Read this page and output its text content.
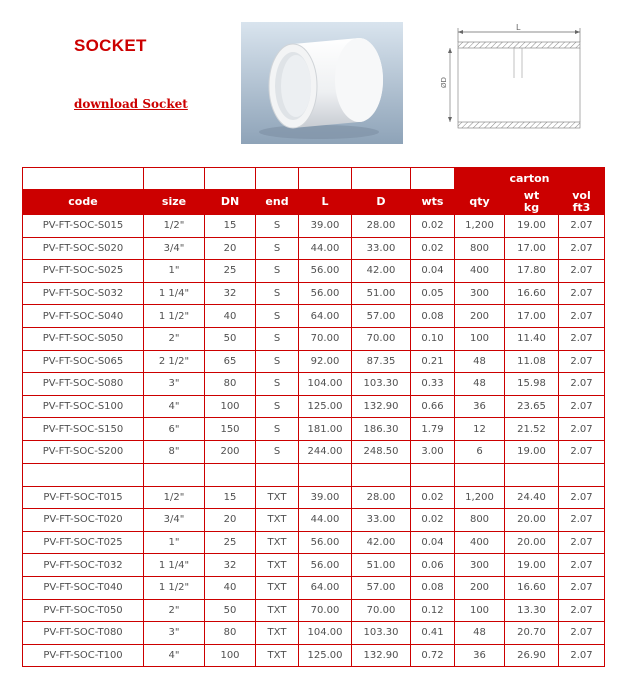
SOCKET
download Socket
L
ØD
							carton		
code	size	DN	end	L	D	wts	qty	wt kg	vol ft3
PV-FT-SOC-S015	1/2"	15	S	39.00	28.00	0.02	1,200	19.00	2.07
PV-FT-SOC-S020	3/4"	20	S	44.00	33.00	0.02	800	17.00	2.07
PV-FT-SOC-S025	1"	25	S	56.00	42.00	0.04	400	17.80	2.07
PV-FT-SOC-S032	1 1/4"	32	S	56.00	51.00	0.05	300	16.60	2.07
PV-FT-SOC-S040	1 1/2"	40	S	64.00	57.00	0.08	200	17.00	2.07
PV-FT-SOC-S050	2"	50	S	70.00	70.00	0.10	100	11.40	2.07
PV-FT-SOC-S065	2 1/2"	65	S	92.00	87.35	0.21	48	11.08	2.07
PV-FT-SOC-S080	3"	80	S	104.00	103.30	0.33	48	15.98	2.07
PV-FT-SOC-S100	4"	100	S	125.00	132.90	0.66	36	23.65	2.07
PV-FT-SOC-S150	6"	150	S	181.00	186.30	1.79	12	21.52	2.07
PV-FT-SOC-S200	8"	200	S	244.00	248.50	3.00	6	19.00	2.07

PV-FT-SOC-T015	1/2"	15	TXT	39.00	28.00	0.02	1,200	24.40	2.07
PV-FT-SOC-T020	3/4"	20	TXT	44.00	33.00	0.02	800	20.00	2.07
PV-FT-SOC-T025	1"	25	TXT	56.00	42.00	0.04	400	20.00	2.07
PV-FT-SOC-T032	1 1/4"	32	TXT	56.00	51.00	0.06	300	19.00	2.07
PV-FT-SOC-T040	1 1/2"	40	TXT	64.00	57.00	0.08	200	16.60	2.07
PV-FT-SOC-T050	2"	50	TXT	70.00	70.00	0.12	100	13.30	2.07
PV-FT-SOC-T080	3"	80	TXT	104.00	103.30	0.41	48	20.70	2.07
PV-FT-SOC-T100	4"	100	TXT	125.00	132.90	0.72	36	26.90	2.07
